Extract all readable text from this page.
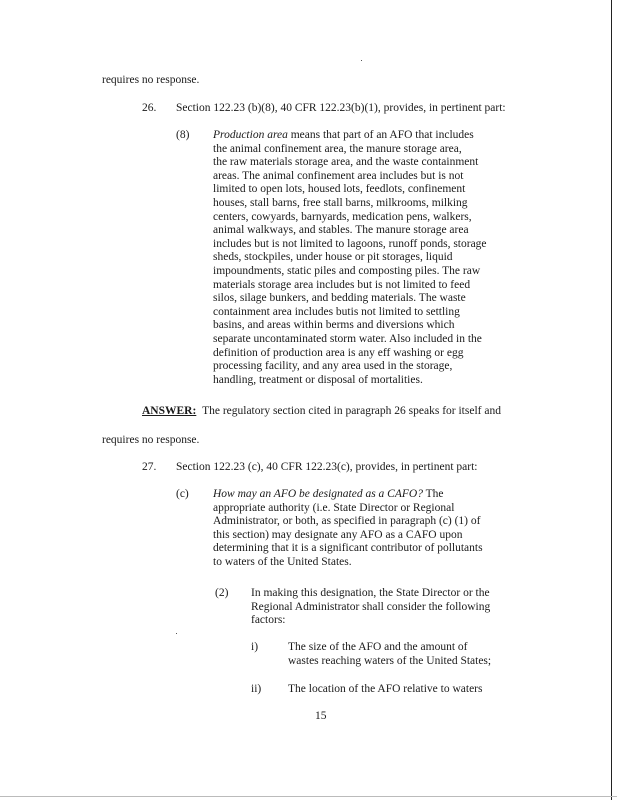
requires no response.
26. Section 122.23 (b)(8), 40 CFR 122.23(b)(1), provides, in pertinent part:
(8) Production area means that part of an AFO that includes
the animal confinement area, the manure storage area,
the raw materials storage area, and the waste containment
areas. The animal confinement area includes but is not
limited to open lots, housed lots, feedlots, confinement
houses, stall barns, free stall barns, milkrooms, milking
centers, cowyards, barnyards, medication pens, walkers,
animal walkways, and stables. The manure storage area
includes but is not limited to lagoons, runoff ponds, storage
sheds, stockpiles, under house or pit storages, liquid
impoundments, static piles and composting piles. The raw
materials storage area includes but is not limited to feed
silos, silage bunkers, and bedding materials. The waste
containment area includes butis not limited to settling
basins, and areas within berms and diversions which
separate uncontaminated storm water. Also included in the
definition of production area is any eff washing or egg
processing facility, and any area used in the storage,
handling, treatment or disposal of mortalities.
ANSWER: The regulatory section cited in paragraph 26 speaks for itself and
requires no response.
27. Section 122.23 (c), 40 CFR 122.23(c), provides, in pertinent part:
(c) How may an AFO be designated as a CAFO? The
appropriate authority (i.e. State Director or Regional
Administrator, or both, as specified in paragraph (c) (1) of
this section) may designate any AFO as a CAFO upon
determining that it is a significant contributor of pollutants
to waters of the United States.
(2) In making this designation, the State Director or the
Regional Administrator shall consider the following
factors:
i)	The size of the AFO and the amount of
wastes reaching waters of the United States;
ii) The location of the AFO relative to waters
15
